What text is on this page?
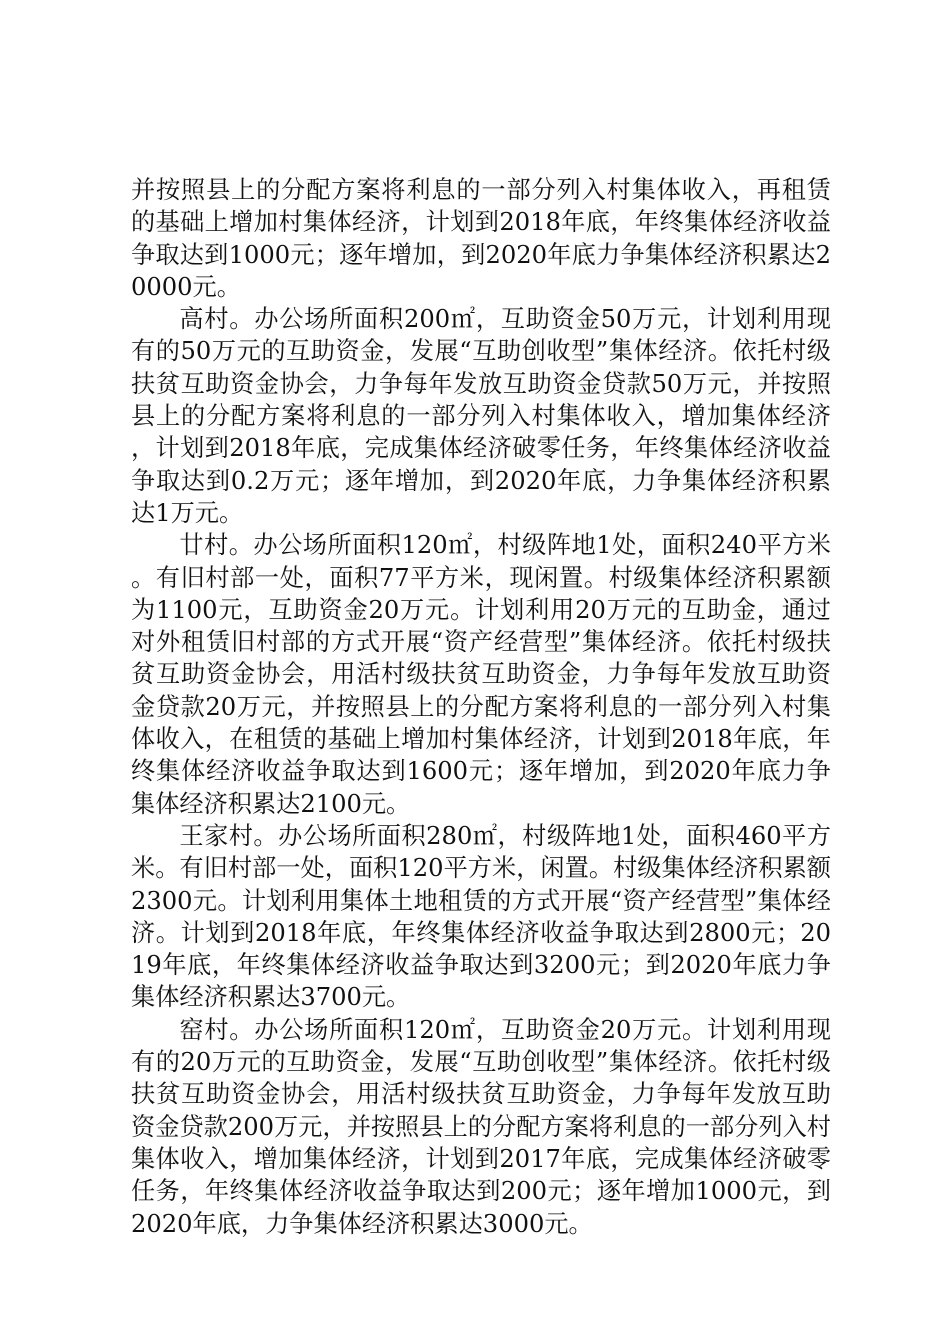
并按照县上的分配方案将利息的一部分列入村集体收入，再租赁的基础上增加村集体经济，计划到2018年底，年终集体经济收益争取达到1000元；逐年增加，到2020年底力争集体经济积累达20000元。

高村。办公场所面积200㎡，互助资金50万元，计划利用现有的50万元的互助资金，发展“互助创收型”集体经济。依托村级扶贫互助资金协会，力争每年发放互助资金贷款50万元，并按照县上的分配方案将利息的一部分列入村集体收入，增加集体经济，计划到2018年底，完成集体经济破零任务，年终集体经济收益争取达到0.2万元；逐年增加，到2020年底，力争集体经济积累达1万元。

廿村。办公场所面积120㎡，村级阵地1处，面积240平方米。有旧村部一处，面积77平方米，现闲置。村级集体经济积累额为1100元，互助资金20万元。计划利用20万元的互助金，通过对外租赁旧村部的方式开展“资产经营型”集体经济。依托村级扶贫互助资金协会，用活村级扶贫互助资金，力争每年发放互助资金贷款20万元，并按照县上的分配方案将利息的一部分列入村集体收入，在租赁的基础上增加村集体经济，计划到2018年底，年终集体经济收益争取达到1600元；逐年增加，到2020年底力争集体经济积累达2100元。

王家村。办公场所面积280㎡，村级阵地1处，面积460平方米。有旧村部一处，面积120平方米，闲置。村级集体经济积累额2300元。计划利用集体土地租赁的方式开展“资产经营型”集体经济。计划到2018年底，年终集体经济收益争取达到2800元；2019年底，年终集体经济收益争取达到3200元；到2020年底力争集体经济积累达3700元。

窑村。办公场所面积120㎡，互助资金20万元。计划利用现有的20万元的互助资金，发展“互助创收型”集体经济。依托村级扶贫互助资金协会，用活村级扶贫互助资金，力争每年发放互助资金贷款200万元，并按照县上的分配方案将利息的一部分列入村集体收入，增加集体经济，计划到2017年底，完成集体经济破零任务，年终集体经济收益争取达到200元；逐年增加1000元，到2020年底，力争集体经济积累达3000元。
